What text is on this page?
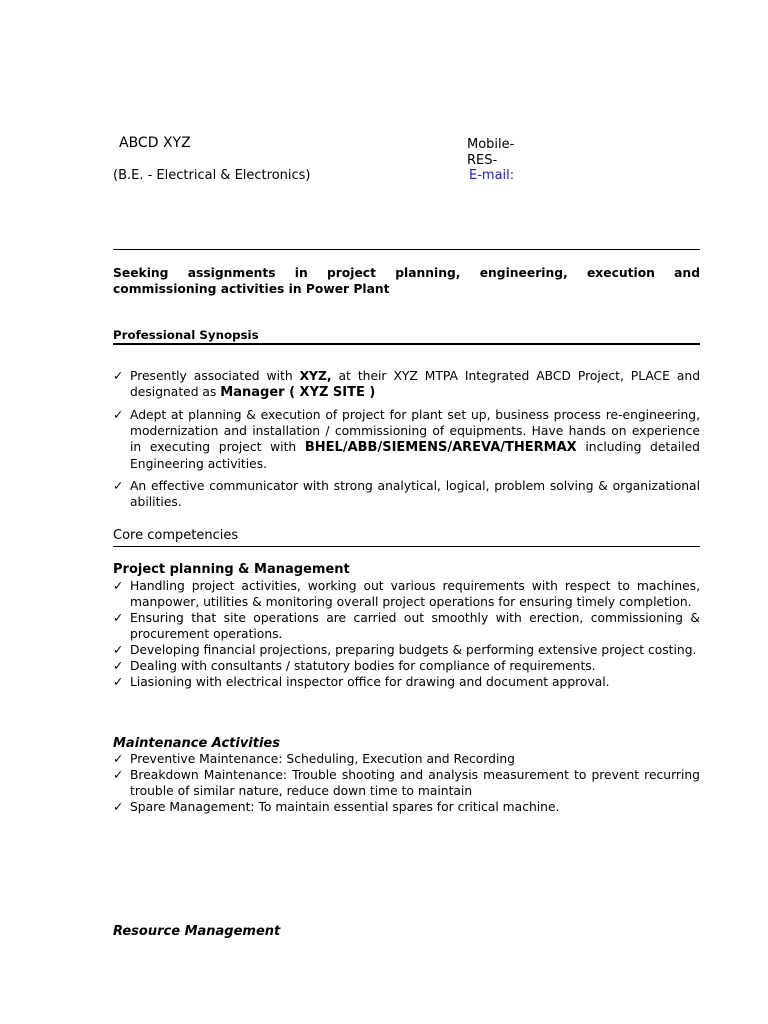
ABCD XYZ
(B.E. - Electrical & Electronics)
Mobile-
RES-
E-mail:
Seeking assignments in project planning, engineering, execution and commissioning activities in Power Plant
Professional Synopsis
✓ Presently associated with XYZ, at their XYZ MTPA Integrated ABCD Project, PLACE and designated as Manager ( XYZ SITE )
✓ Adept at planning & execution of project for plant set up, business process re-engineering, modernization and installation / commissioning of equipments. Have hands on experience in executing project with BHEL/ABB/SIEMENS/AREVA/THERMAX including detailed Engineering activities.
✓ An effective communicator with strong analytical, logical, problem solving & organizational abilities.
Core competencies
Project planning & Management
✓ Handling project activities, working out various requirements with respect to machines, manpower, utilities & monitoring overall project operations for ensuring timely completion.
✓ Ensuring that site operations are carried out smoothly with erection, commissioning & procurement operations.
✓ Developing financial projections, preparing budgets & performing extensive project costing.
✓ Dealing with consultants / statutory bodies for compliance of requirements.
✓ Liasioning with electrical inspector office for drawing and document approval.
Maintenance Activities
✓ Preventive Maintenance: Scheduling, Execution and Recording
✓ Breakdown Maintenance: Trouble shooting and analysis measurement to prevent recurring trouble of similar nature, reduce down time to maintain
✓ Spare Management: To maintain essential spares for critical machine.
Resource Management
